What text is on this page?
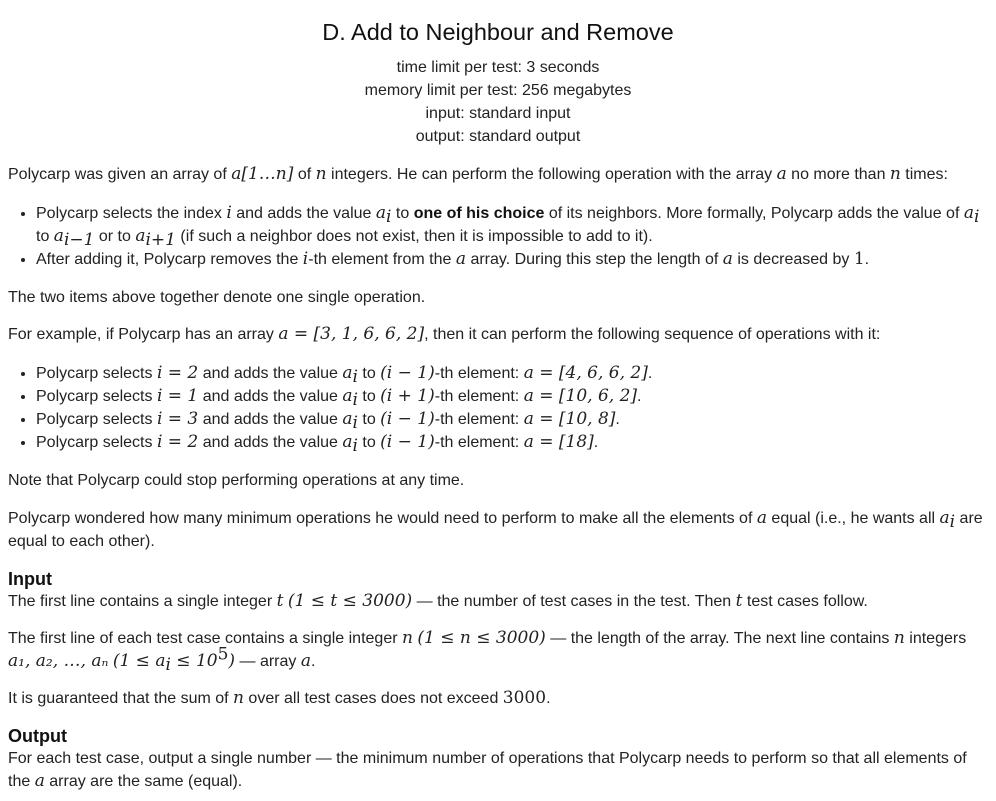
D. Add to Neighbour and Remove
time limit per test: 3 seconds
memory limit per test: 256 megabytes
input: standard input
output: standard output

Polycarp was given an array of a[1…n] of n integers. He can perform the following operation with the array a no more than n times:

• Polycarp selects the index i and adds the value $a_i$ to one of his choice of its neighbors. More formally, Polycarp adds the value of $a_i$
to $a_{i-1}$ or to $a_{i+1}$ (if such a neighbor does not exist, then it is impossible to add to it).
• After adding it, Polycarp removes the i-th element from the a array. During this step the length of a is decreased by 1.

The two items above together denote one single operation.

For example, if Polycarp has an array a = [3, 1, 6, 6, 2], then it can perform the following sequence of operations with it:

• Polycarp selects i = 2 and adds the value $a_i$ to (i − 1)-th element: a = [4, 6, 6, 2].
• Polycarp selects i = 1 and adds the value $a_i$ to (i + 1)-th element: a = [10, 6, 2].
• Polycarp selects i = 3 and adds the value $a_i$ to (i − 1)-th element: a = [10, 8].
• Polycarp selects i = 2 and adds the value $a_i$ to (i − 1)-th element: a = [18].

Note that Polycarp could stop performing operations at any time.

Polycarp wondered how many minimum operations he would need to perform to make all the elements of a equal (i.e., he wants all $a_i$ are equal to each other).

Input

The first line contains a single integer t (1 ≤ t ≤ 3000) — the number of test cases in the test. Then t test cases follow.

The first line of each test case contains a single integer n (1 ≤ n ≤ 3000) — the length of the array. The next line contains n integers
a₁, a₂, …, aₙ $(1 \le a_i \le 10^5)$ — array a.

It is guaranteed that the sum of n over all test cases does not exceed 3000.

Output

For each test case, output a single number — the minimum number of operations that Polycarp needs to perform so that all elements of the a array are the same (equal).
